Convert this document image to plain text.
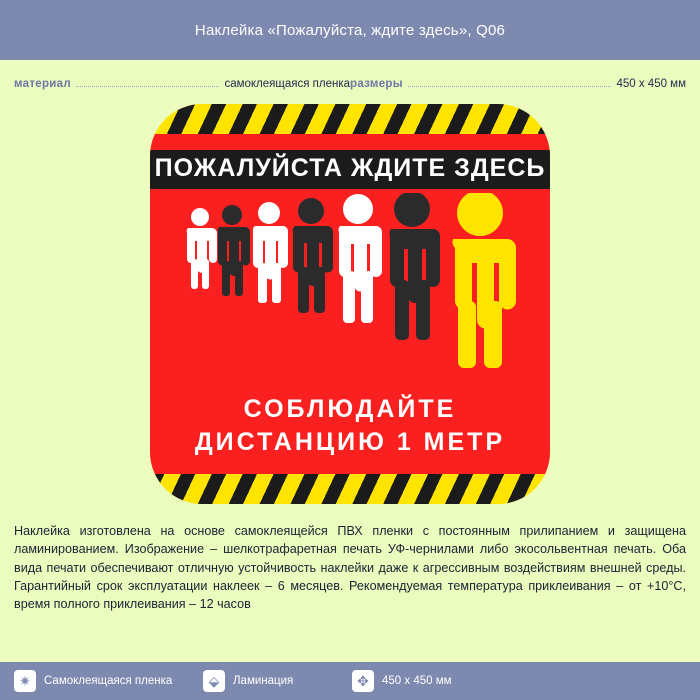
Наклейка «Пожалуйста, ждите здесь», Q06
материал	самоклеящаяся пленка размеры	450 x 450 мм
ПОЖАЛУЙСТА ЖДИТЕ ЗДЕСЬ
СОБЛЮДАЙТЕ
ДИСТАНЦИЮ 1 МЕТР
Наклейка изготовлена на основе самоклеящейся ПВХ пленки с постоянным прилипанием и защищена ламинированием. Изображение – шелкотрафаретная печать УФ-чернилами либо экосольвентная печать. Оба вида печати обеспечивают отличную устойчивость наклейки даже к агрессивным воздействиям внешней среды. Гарантийный срок эксплуатации наклеек – 6 месяцев. Рекомендуемая температура приклеивания – от +10°С, время полного приклеивания – 12 часов
✷	Самоклеящаяся пленка	⬙	Ламинация	✥	450 x 450 мм
